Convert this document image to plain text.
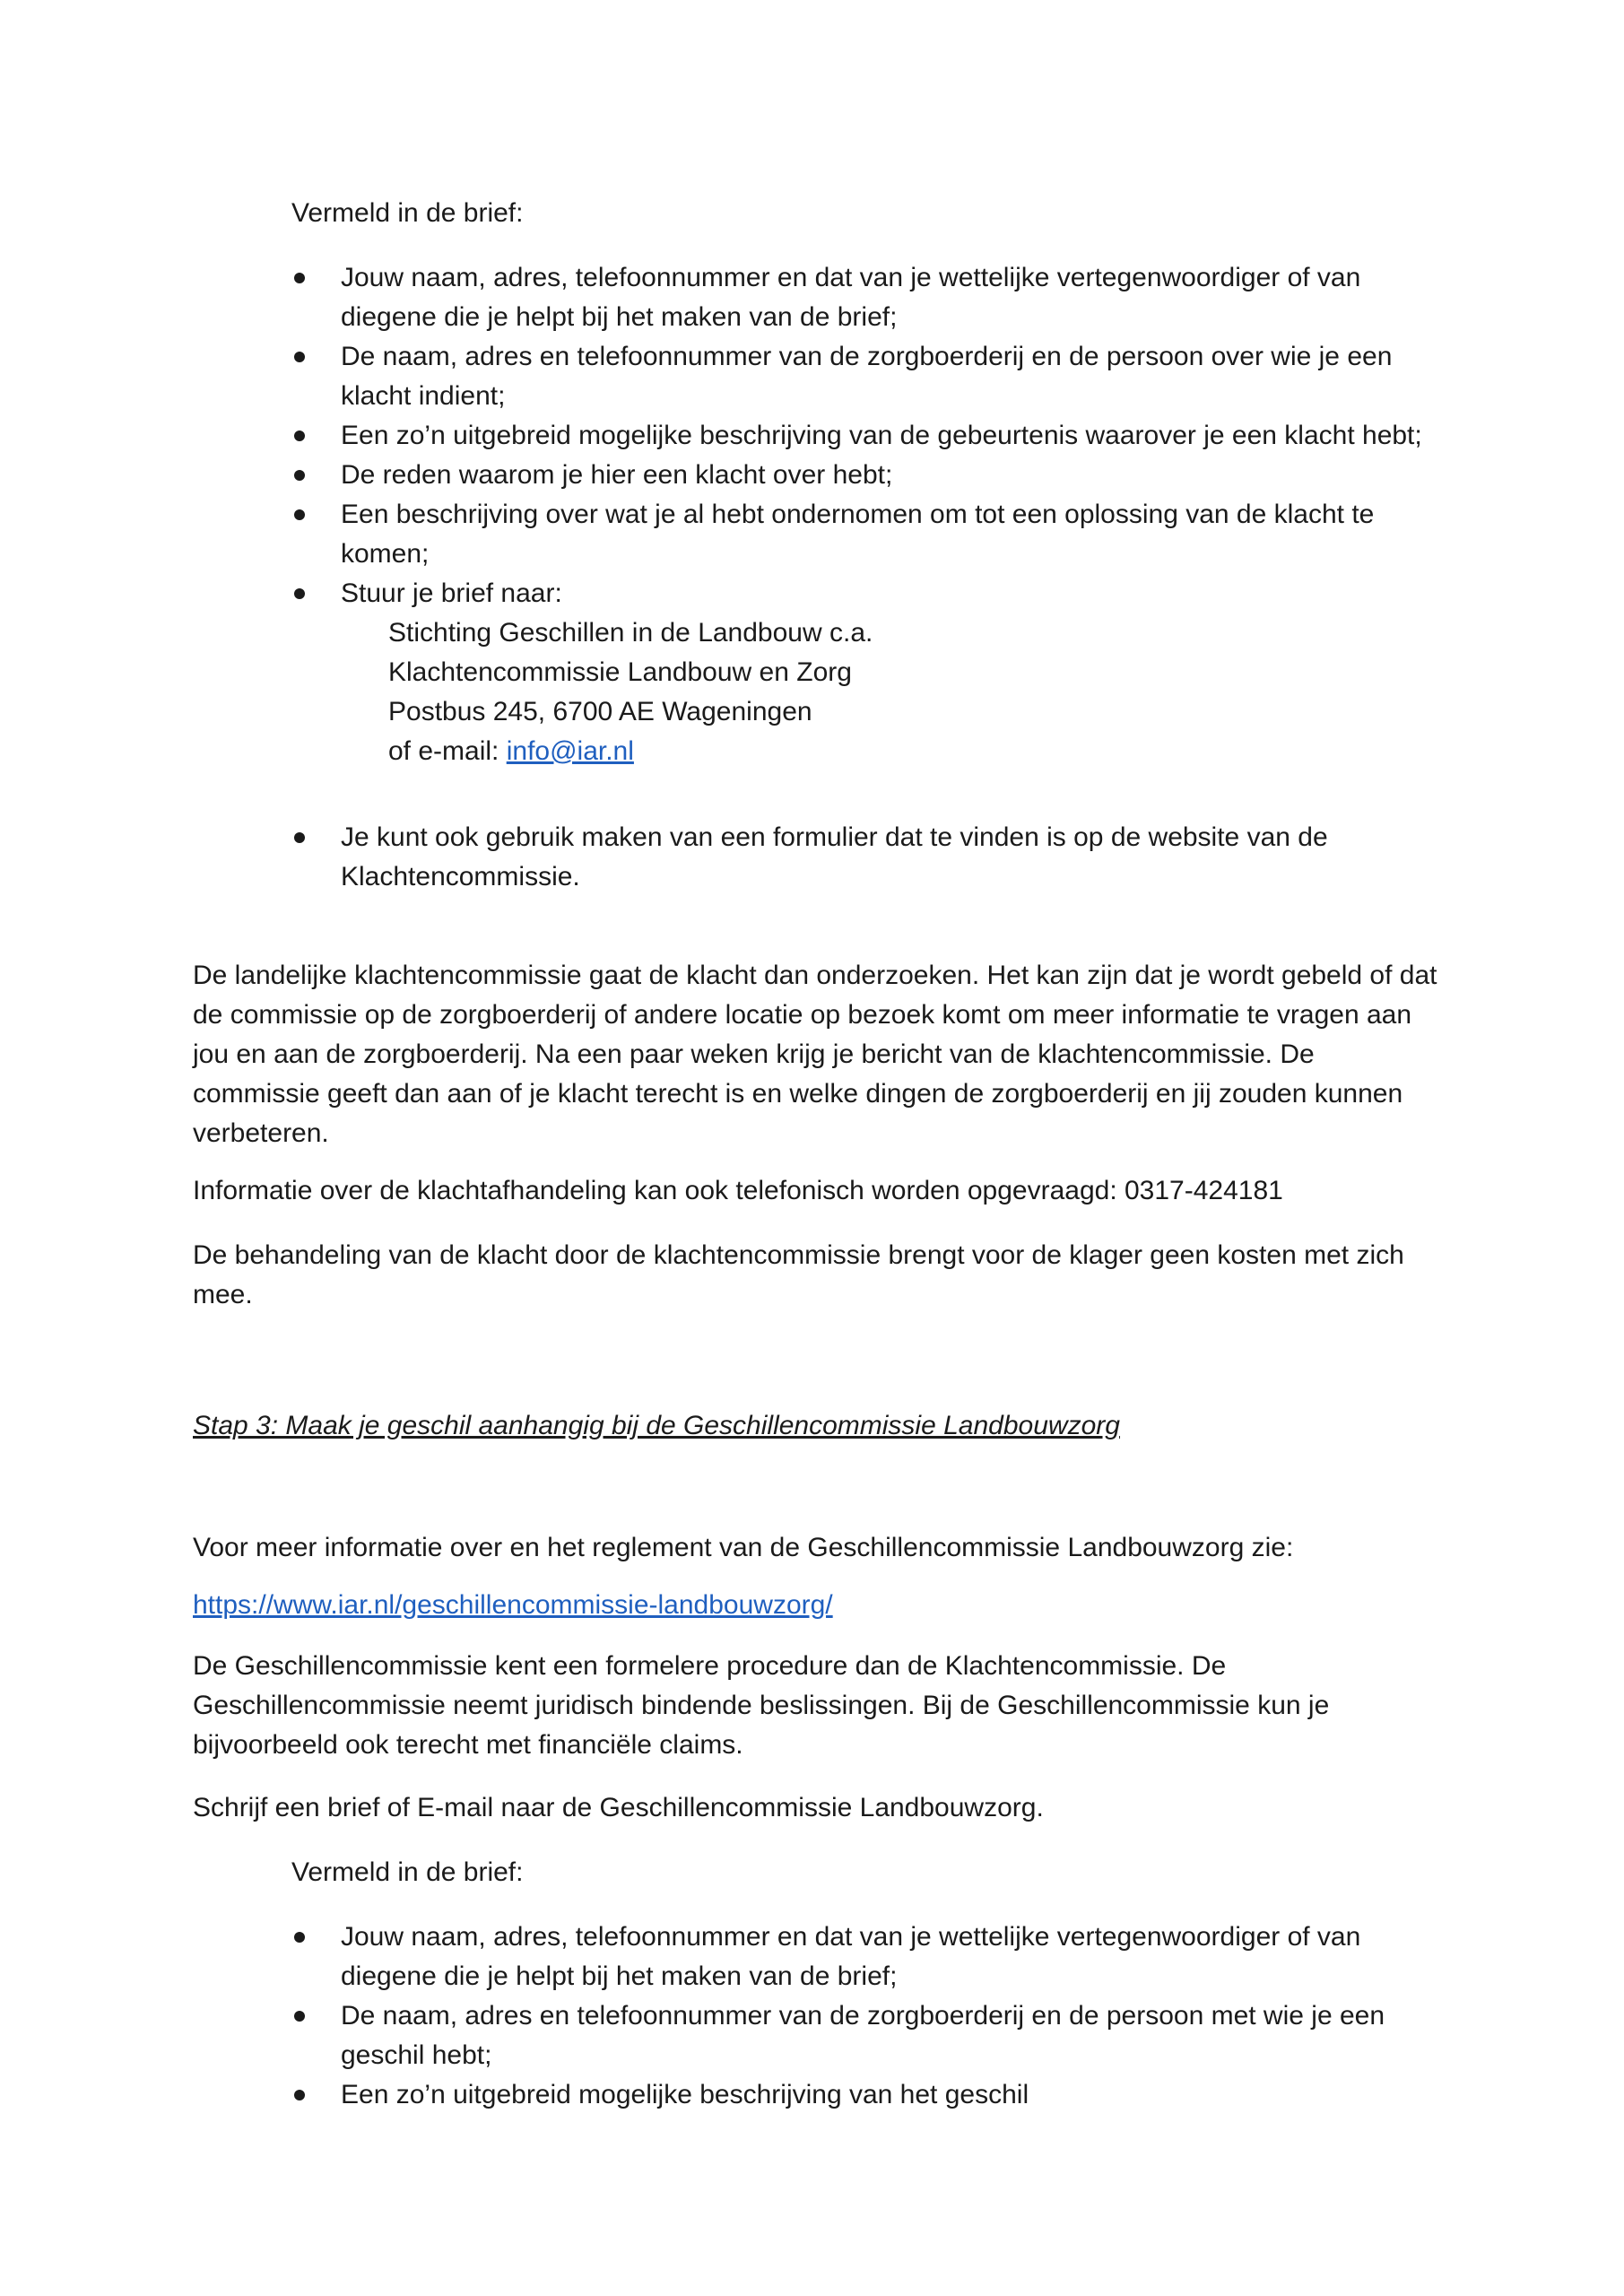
Vermeld in de brief:

Jouw naam, adres, telefoonnummer en dat van je wettelijke vertegenwoordiger of van diegene die je helpt bij het maken van de brief;
De naam, adres en telefoonnummer van de zorgboerderij en de persoon over wie je een klacht indient;
Een zo’n uitgebreid mogelijke beschrijving van de gebeurtenis waarover je een klacht hebt;
De reden waarom je hier een klacht over hebt;
Een beschrijving over wat je al hebt ondernomen om tot een oplossing van de klacht te komen;
Stuur je brief naar:
Stichting Geschillen in de Landbouw c.a.
Klachtencommissie Landbouw en Zorg
Postbus 245, 6700 AE Wageningen
of e-mail: info@iar.nl
Je kunt ook gebruik maken van een formulier dat te vinden is op de website van de Klachtencommissie.

De landelijke klachtencommissie gaat de klacht dan onderzoeken. Het kan zijn dat je wordt gebeld of dat de commissie op de zorgboerderij of andere locatie op bezoek komt om meer informatie te vragen aan jou en aan de zorgboerderij. Na een paar weken krijg je bericht van de klachtencommissie. De commissie geeft dan aan of je klacht terecht is en welke dingen de zorgboerderij en jij zouden kunnen verbeteren.

Informatie over de klachtafhandeling kan ook telefonisch worden opgevraagd: 0317-424181

De behandeling van de klacht door de klachtencommissie brengt voor de klager geen kosten met zich mee.

Stap 3: Maak je geschil aanhangig bij de Geschillencommissie Landbouwzorg

Voor meer informatie over en het reglement van de Geschillencommissie Landbouwzorg zie:

https://www.iar.nl/geschillencommissie-landbouwzorg/

De Geschillencommissie kent een formelere procedure dan de Klachtencommissie. De Geschillencommissie neemt juridisch bindende beslissingen. Bij de Geschillencommissie kun je bijvoorbeeld ook terecht met financiële claims.

Schrijf een brief of E-mail naar de Geschillencommissie Landbouwzorg.

Vermeld in de brief:

Jouw naam, adres, telefoonnummer en dat van je wettelijke vertegenwoordiger of van diegene die je helpt bij het maken van de brief;
De naam, adres en telefoonnummer van de zorgboerderij en de persoon met wie je een geschil hebt;
Een zo’n uitgebreid mogelijke beschrijving van het geschil
